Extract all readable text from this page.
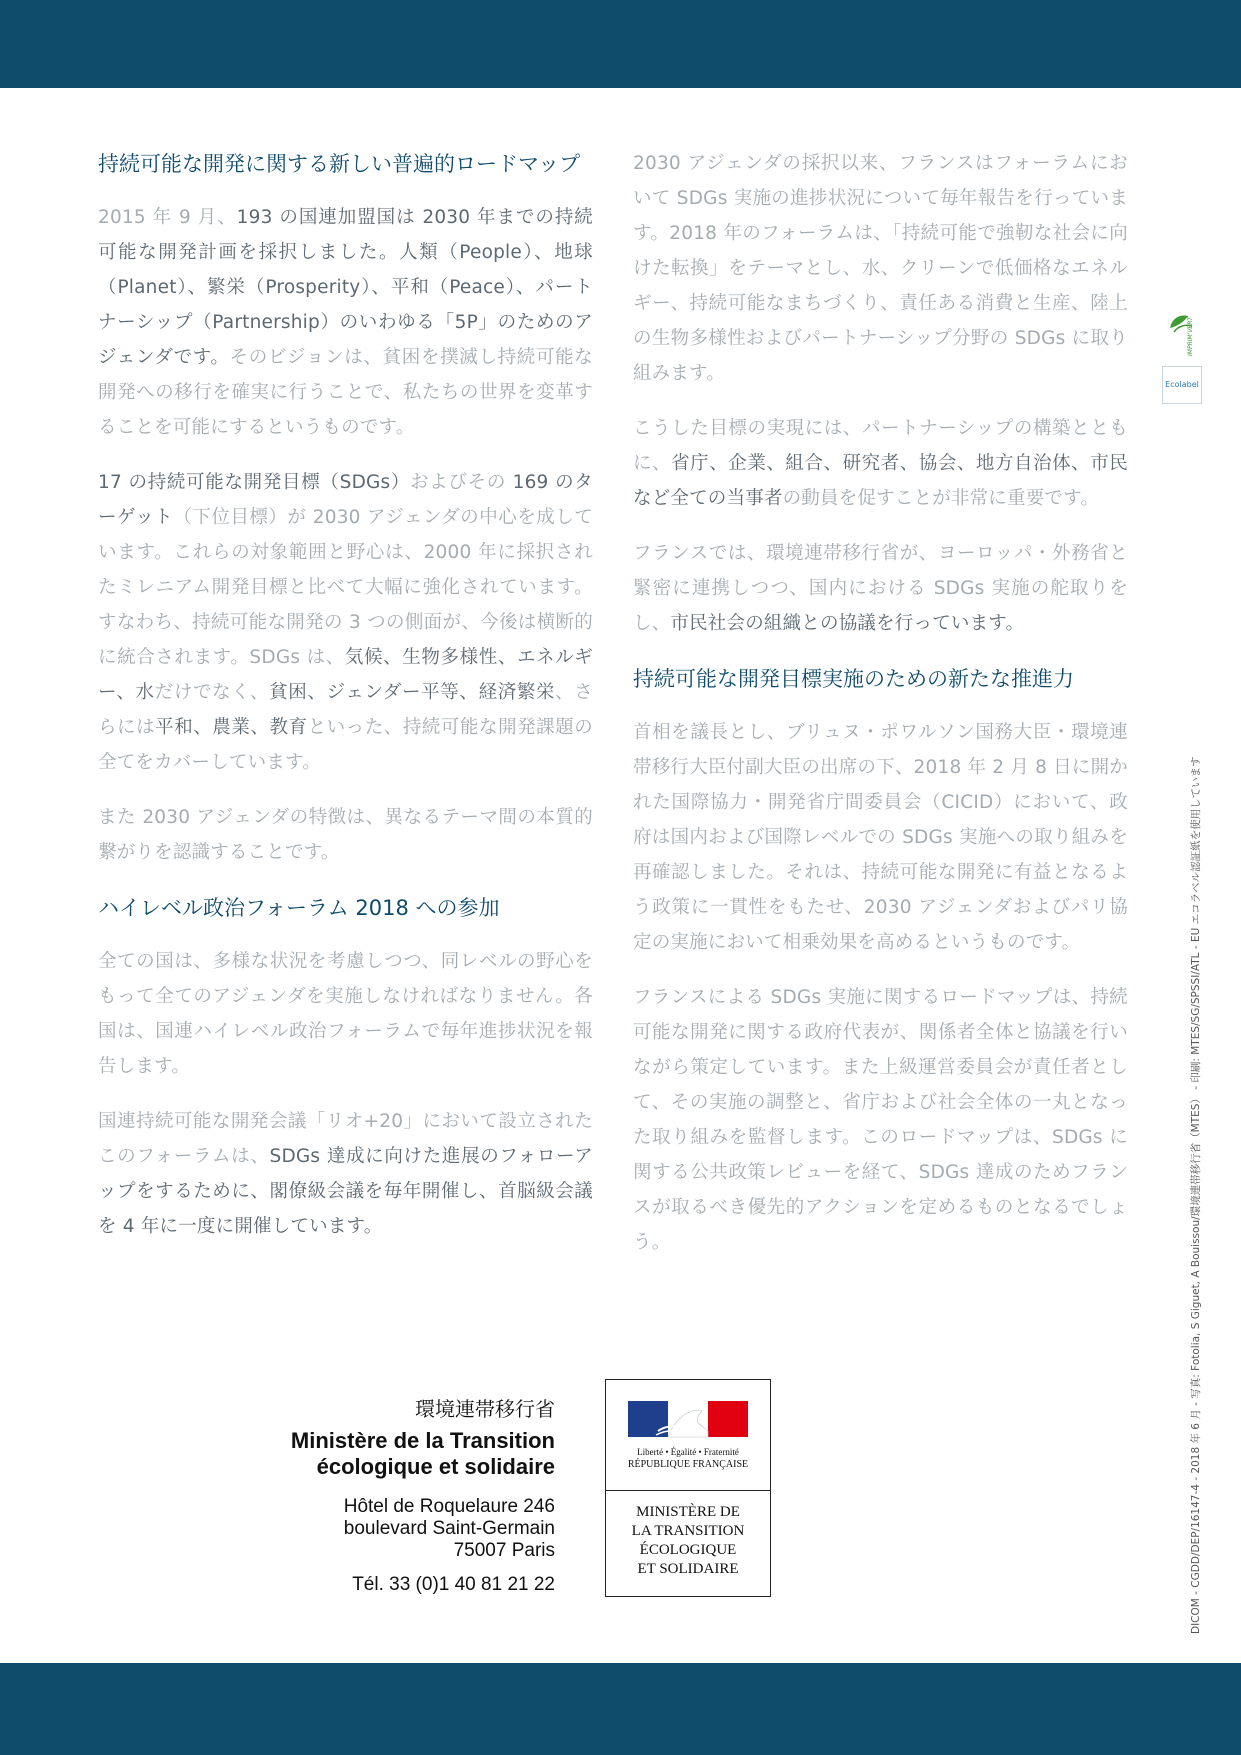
持続可能な開発に関する新しい普遍的ロードマップ

2015 年 9 月、193 の国連加盟国は 2030 年までの持続可能な開発計画を採択しました。人類（People）、地球（Planet）、繁栄（Prosperity）、平和（Peace）、パートナーシップ（Partnership）のいわゆる「5P」のためのアジェンダです。そのビジョンは、貧困を撲滅し持続可能な開発への移行を確実に行うことで、私たちの世界を変革することを可能にするというものです。

17 の持続可能な開発目標（SDGs）およびその 169 のターゲット（下位目標）が 2030 アジェンダの中心を成しています。これらの対象範囲と野心は、2000 年に採択されたミレニアム開発目標と比べて大幅に強化されています。すなわち、持続可能な開発の 3 つの側面が、今後は横断的に統合されます。SDGs は、気候、生物多様性、エネルギー、水だけでなく、貧困、ジェンダー平等、経済繁栄、さらには平和、農業、教育といった、持続可能な開発課題の全てをカバーしています。

また 2030 アジェンダの特徴は、異なるテーマ間の本質的繋がりを認識することです。

ハイレベル政治フォーラム 2018 への参加

全ての国は、多様な状況を考慮しつつ、同レベルの野心をもって全てのアジェンダを実施しなければなりません。各国は、国連ハイレベル政治フォーラムで毎年進捗状況を報告します。

国連持続可能な開発会議「リオ+20」において設立されたこのフォーラムは、SDGs 達成に向けた進展のフォローアップをするために、閣僚級会議を毎年開催し、首脳級会議を 4 年に一度に開催しています。

2030 アジェンダの採択以来、フランスはフォーラムにおいて SDGs 実施の進捗状況について毎年報告を行っています。2018 年のフォーラムは、「持続可能で強靭な社会に向けた転換」をテーマとし、水、クリーンで低価格なエネルギー、持続可能なまちづくり、責任ある消費と生産、陸上の生物多様性およびパートナーシップ分野の SDGs に取り組みます。

こうした目標の実現には、パートナーシップの構築とともに、省庁、企業、組合、研究者、協会、地方自治体、市民など全ての当事者の動員を促すことが非常に重要です。

フランスでは、環境連帯移行省が、ヨーロッパ・外務省と緊密に連携しつつ、国内における SDGs 実施の舵取りをし、市民社会の組織との協議を行っています。

持続可能な開発目標実施のための新たな推進力

首相を議長とし、ブリュヌ・ポワルソン国務大臣・環境連帯移行大臣付副大臣の出席の下、2018 年 2 月 8 日に開かれた国際協力・開発省庁間委員会（CICID）において、政府は国内および国際レベルでの SDGs 実施への取り組みを再確認しました。それは、持続可能な開発に有益となるよう政策に一貫性をもたせ、2030 アジェンダおよびパリ協定の実施において相乗効果を高めるというものです。

フランスによる SDGs 実施に関するロードマップは、持続可能な開発に関する政府代表が、関係者全体と協議を行いながら策定しています。また上級運営委員会が責任者として、その実施の調整と、省庁および社会全体の一丸となった取り組みを監督します。このロードマップは、SDGs に関する公共政策レビューを経て、SDGs 達成のためフランスが取るべき優先的アクションを定めるものとなるでしょう。

環境連帯移行省
Ministère de la Transition
écologique et solidaire
Hôtel de Roquelaure 246
boulevard Saint-Germain
75007 Paris
Tél. 33 (0)1 40 81 21 22
Liberté • Égalité • Fraternité
RÉPUBLIQUE FRANÇAISE
MINISTÈRE DE
LA TRANSITION
ÉCOLOGIQUE
ET SOLIDAIRE
IMPRIM'VERT
Ecolabel
DICOM - CGDD/DEP/16147-4 - 2018 年 6 月 - 写真: Fotolia, S Giguet, A Bouissou/環境連帯移行省（MTES） - 印刷: MTES/SG/SPSSI/ATL - EU エコラベル認証紙を使用しています
